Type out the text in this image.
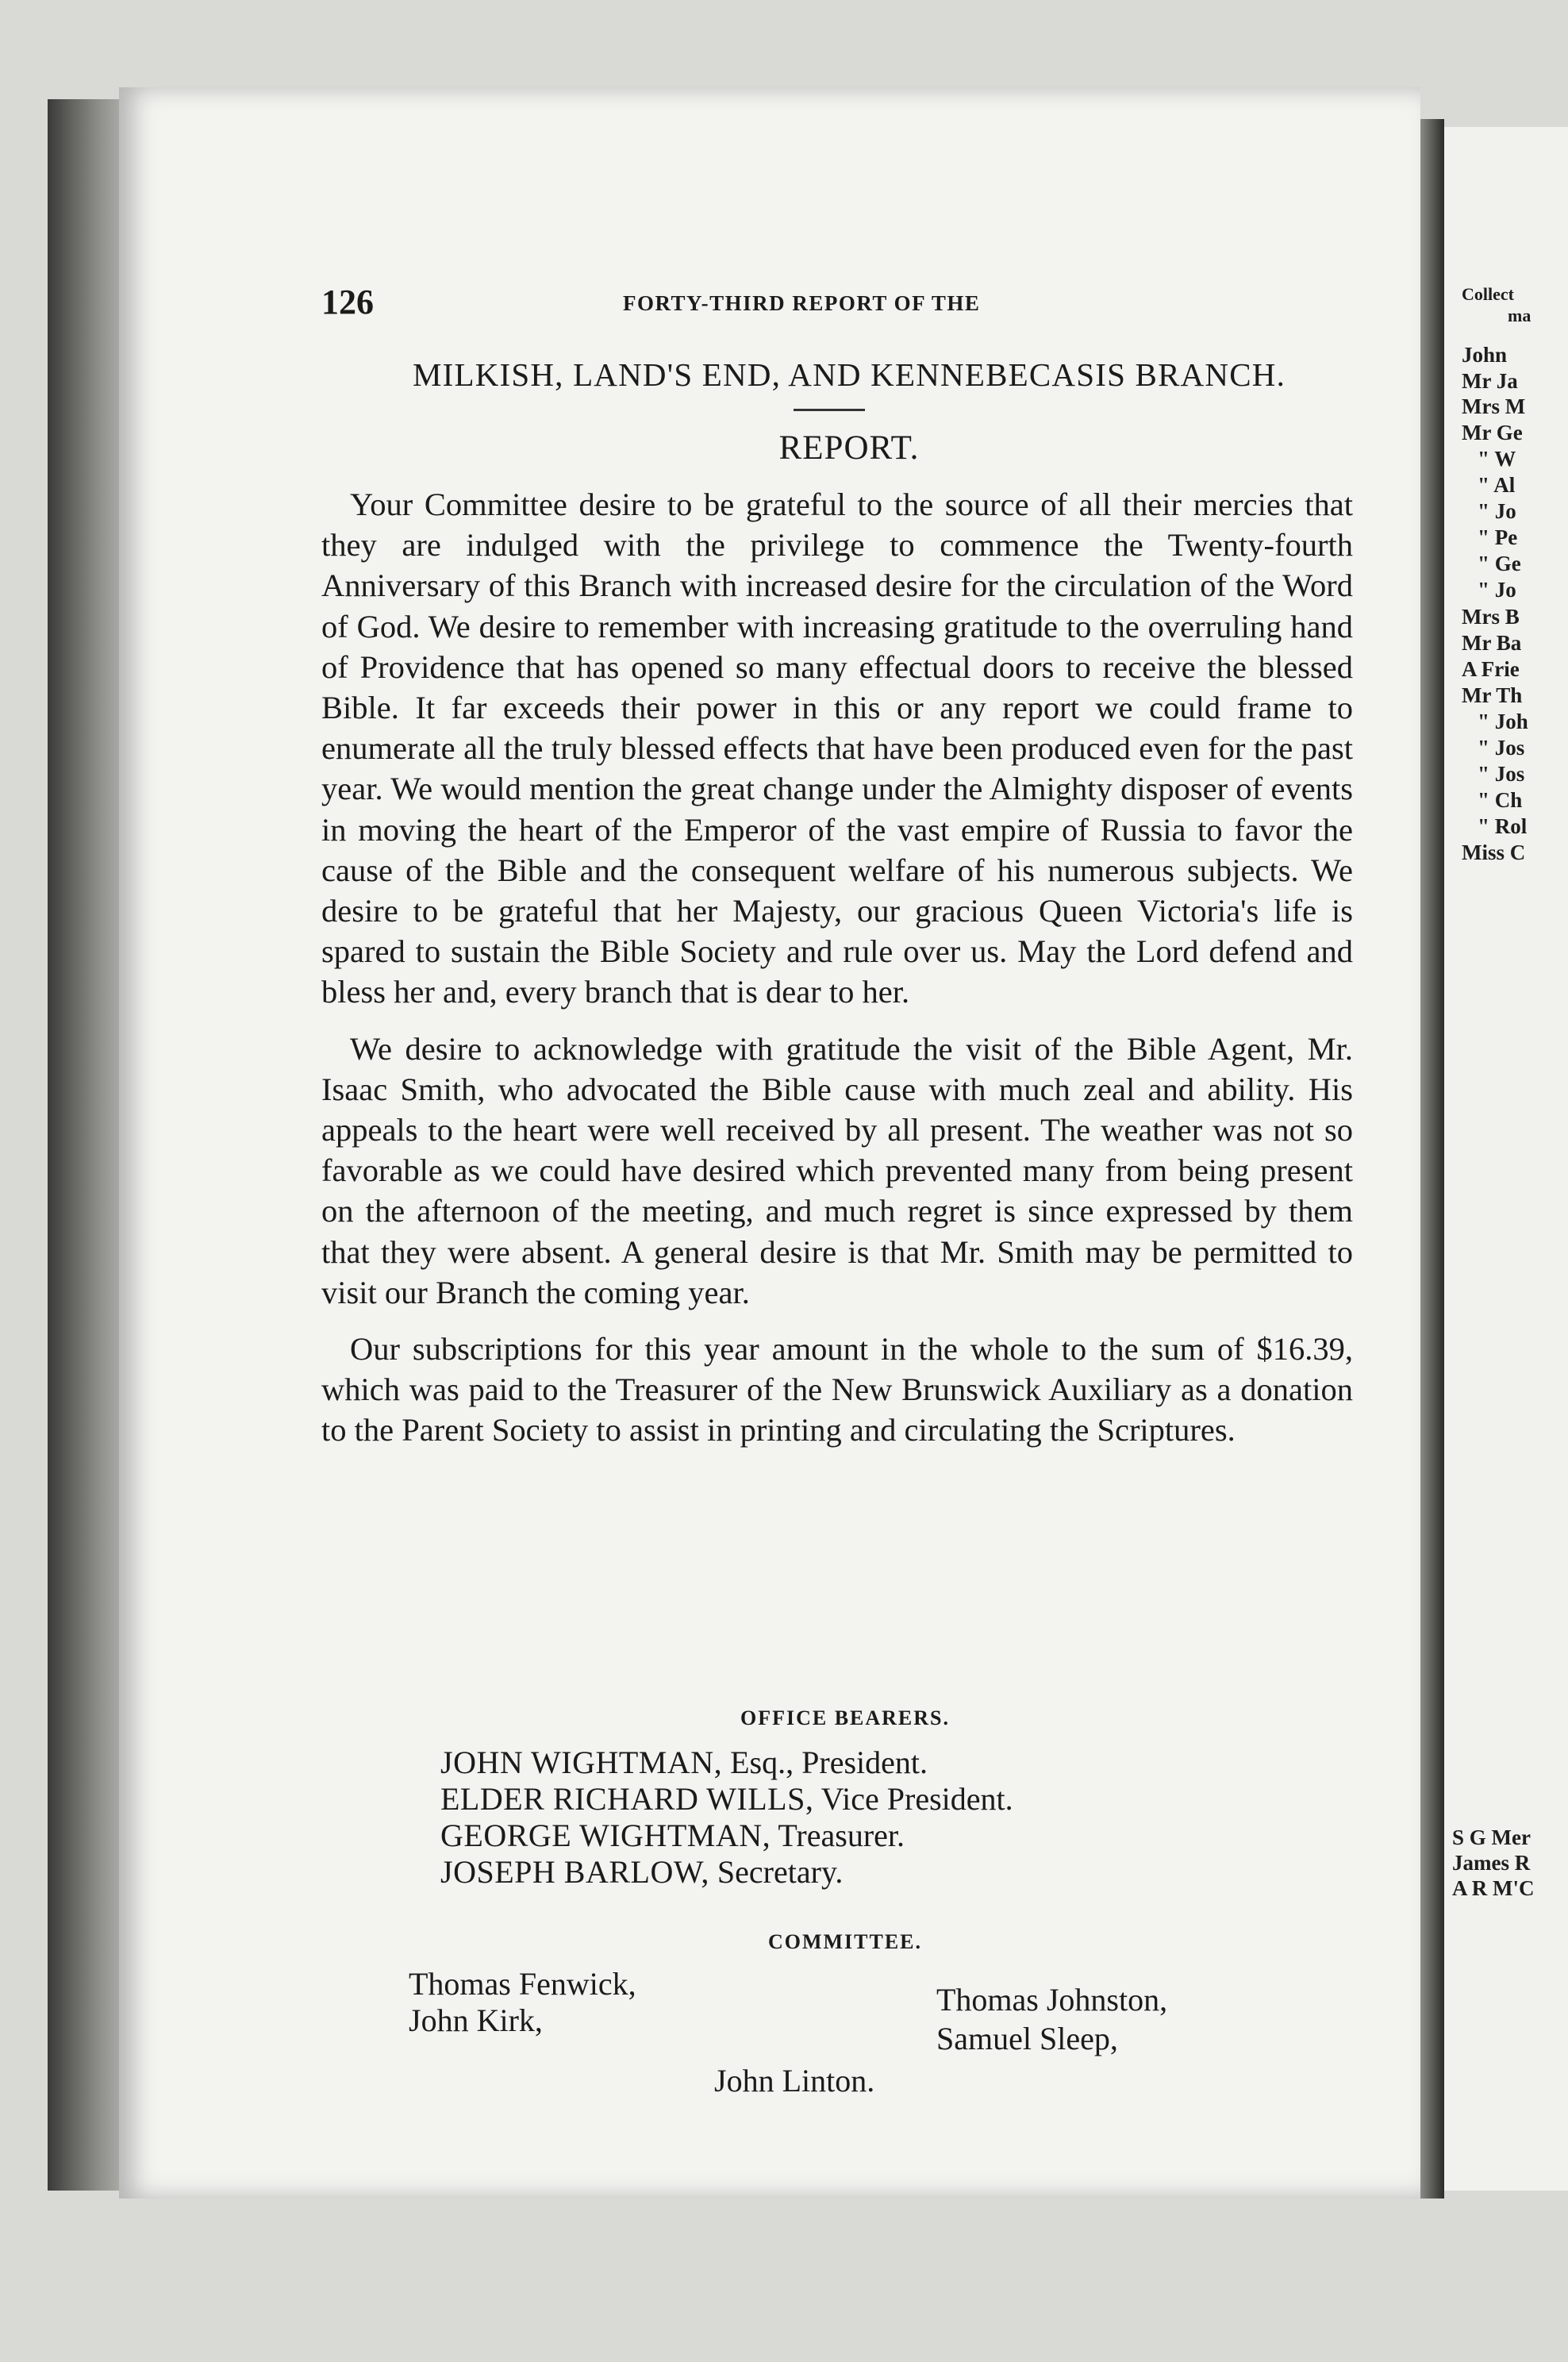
Collect
ma
John
Mr Ja
Mrs M
Mr Ge
" W
" Al
" Jo
" Pe
" Ge
" Jo
Mrs B
Mr Ba
A Frie
Mr Th
" Joh
" Jos
" Jos
" Ch
" Rol
Miss C
S G Mer
James R
A R M'C
126	FORTY-THIRD REPORT OF THE
MILKISH, LAND'S END, AND KENNEBECASIS BRANCH.
REPORT.

Your Committee desire to be grateful to the source of all their mercies that they are indulged with the privilege to commence the Twenty-fourth Anniversary of this Branch with increased desire for the circulation of the Word of God. We desire to remember with increasing gratitude to the overruling hand of Providence that has opened so many effectual doors to receive the blessed Bible. It far exceeds their power in this or any report we could frame to enumerate all the truly blessed effects that have been produced even for the past year. We would mention the great change under the Almighty disposer of events in moving the heart of the Emperor of the vast empire of Russia to favor the cause of the Bible and the consequent welfare of his numerous subjects. We desire to be grateful that her Majesty, our gracious Queen Victoria's life is spared to sustain the Bible Society and rule over us. May the Lord defend and bless her and, every branch that is dear to her.

We desire to acknowledge with gratitude the visit of the Bible Agent, Mr. Isaac Smith, who advocated the Bible cause with much zeal and ability. His appeals to the heart were well received by all present. The weather was not so favorable as we could have desired which prevented many from being present on the afternoon of the meeting, and much regret is since expressed by them that they were absent. A general desire is that Mr. Smith may be permitted to visit our Branch the coming year.

Our subscriptions for this year amount in the whole to the sum of $16.39, which was paid to the Treasurer of the New Brunswick Auxiliary as a donation to the Parent Society to assist in printing and circulating the Scriptures.

OFFICE BEARERS.
JOHN WIGHTMAN, Esq., President.
ELDER RICHARD WILLS, Vice President.
GEORGE WIGHTMAN, Treasurer.
JOSEPH BARLOW, Secretary.
COMMITTEE.
Thomas Fenwick,
John Kirk,
Thomas Johnston,
Samuel Sleep,
John Linton.
